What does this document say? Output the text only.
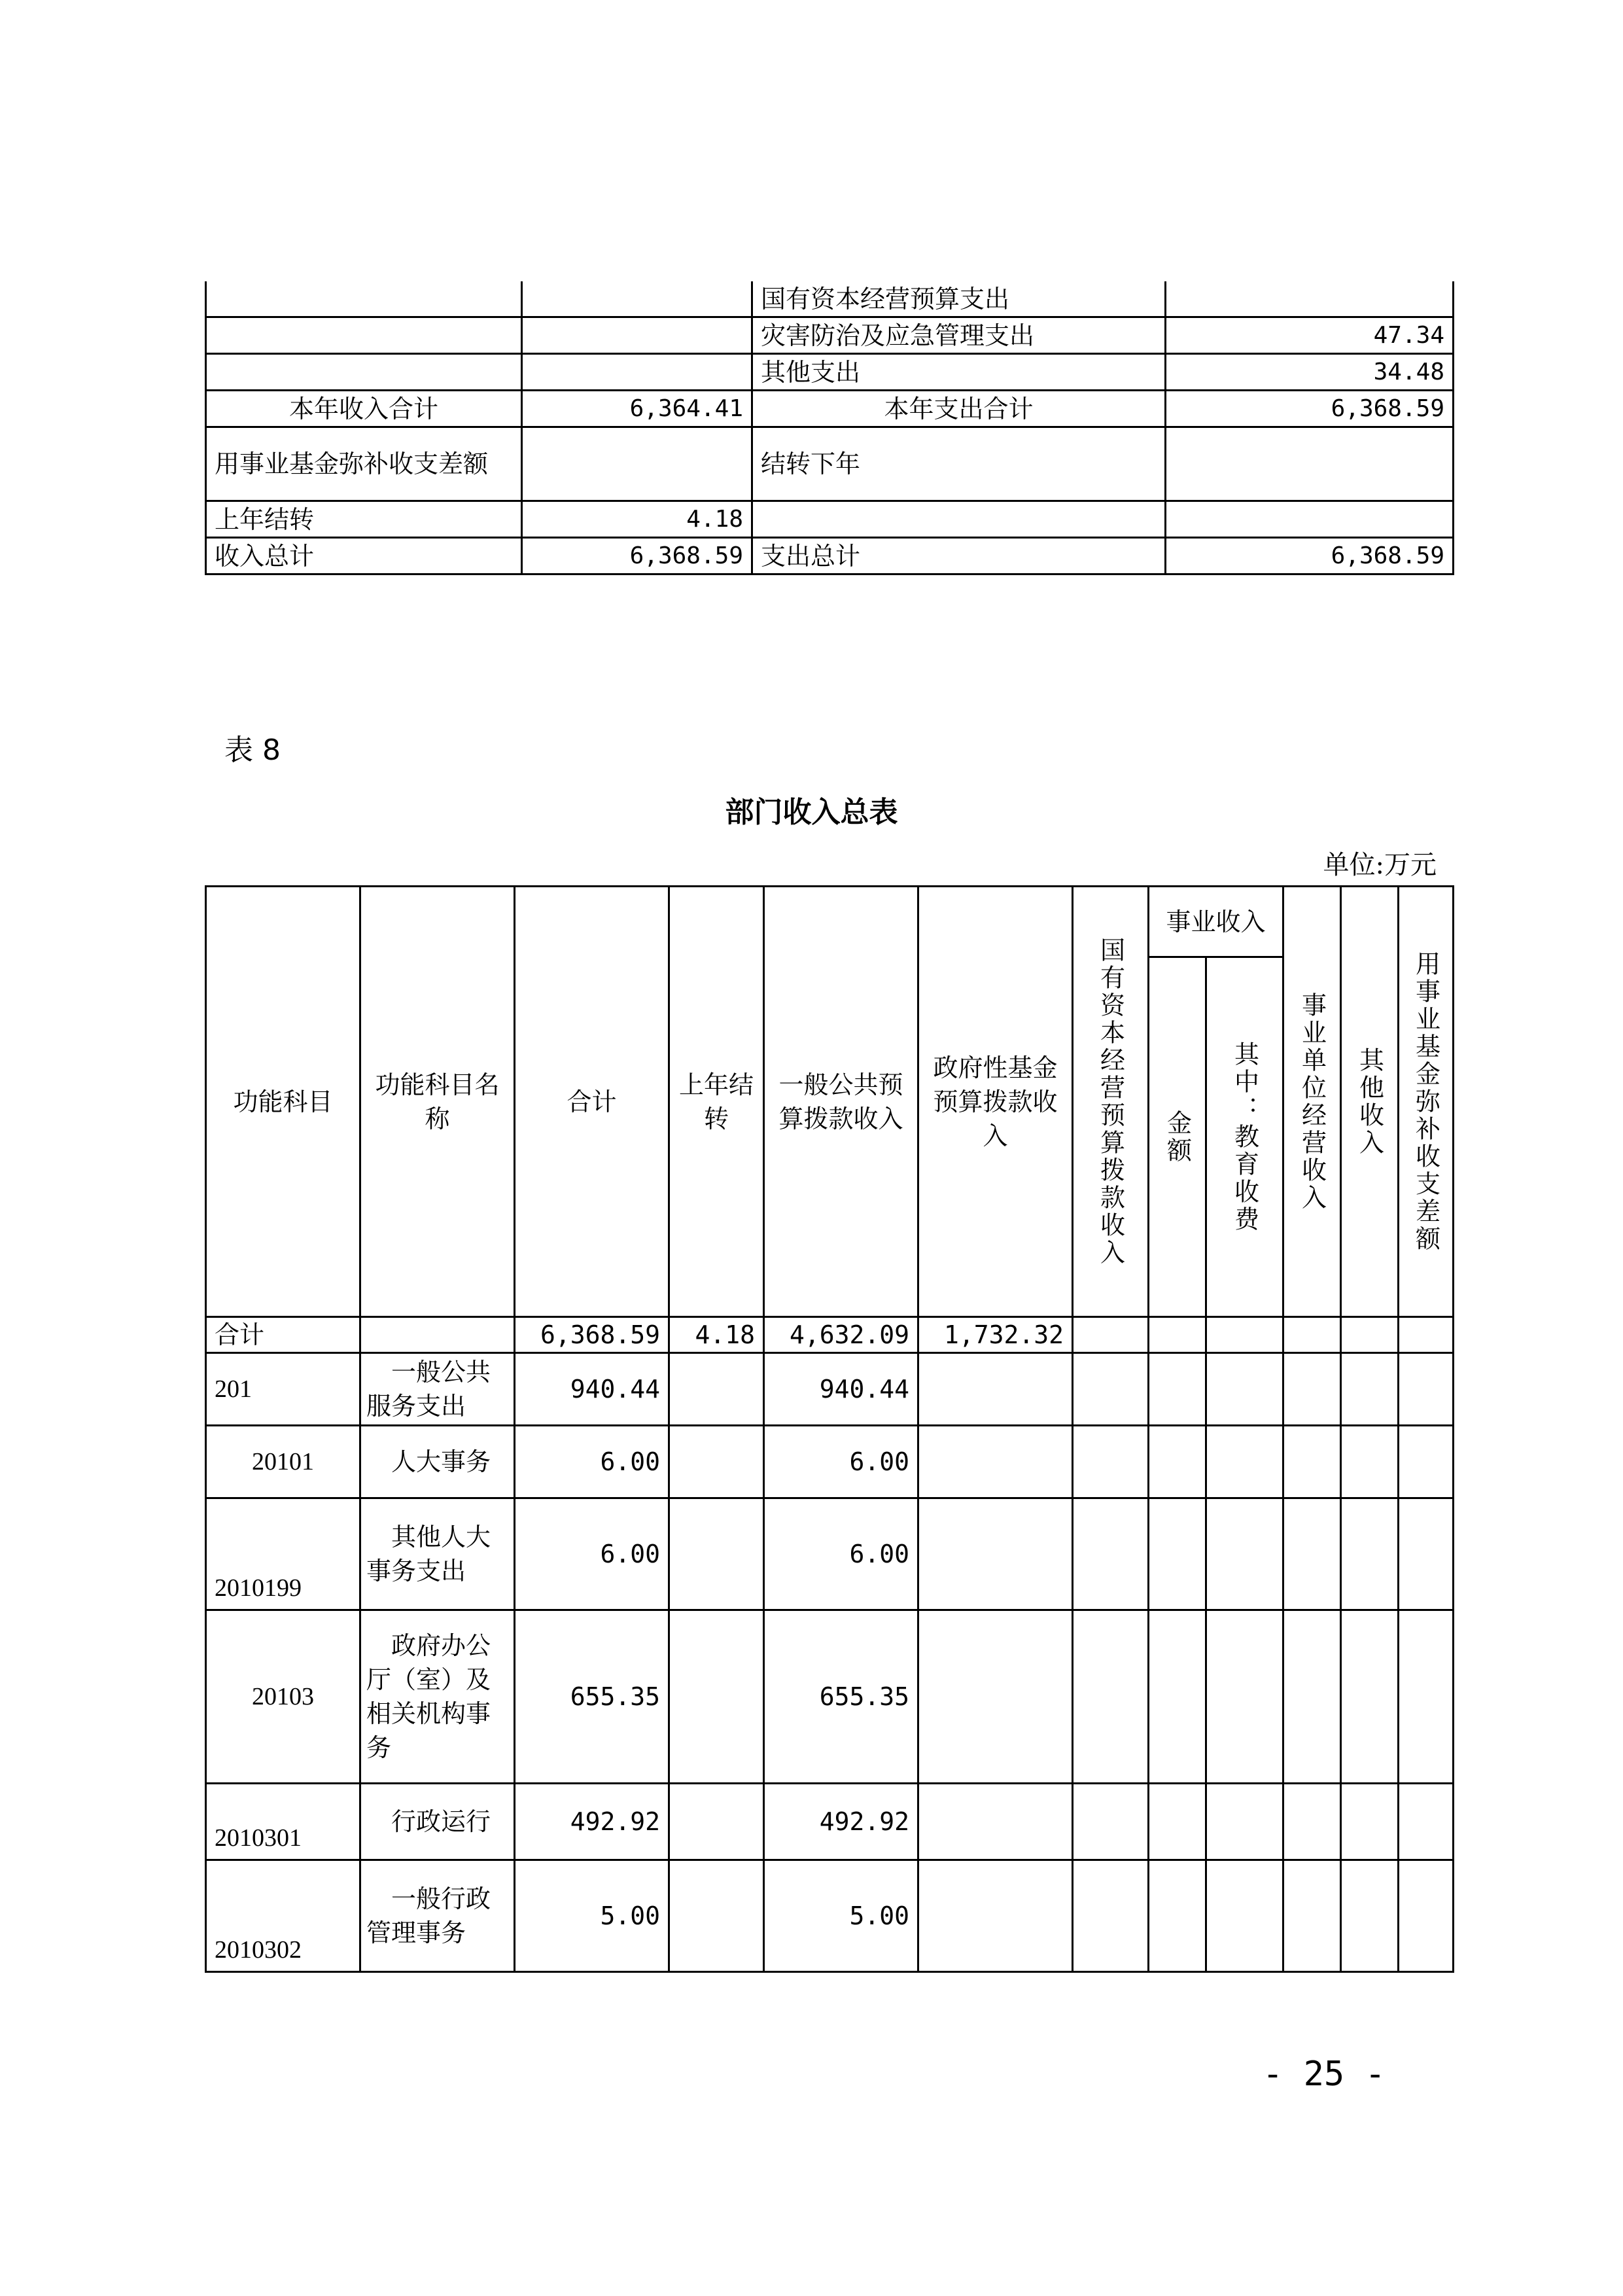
		国有资本经营预算支出	
		灾害防治及应急管理支出	47.34
		其他支出	34.48
本年收入合计	6,364.41	本年支出合计	6,368.59
用事业基金弥补收支差额		结转下年	
上年结转	4.18		
收入总计	6,368.59	支出总计	6,368.59
表 8
部门收入总表
单位:万元
功能科目	功能科目名称	合计	上年结转	一般公共预算拨款收入	政府性基金预算拨款收入	国有资本经营预算拨款收入	事业收入		事业单位经营收入	其他收入	用事业基金弥补收支差额

							金额	其中：教育收费			

合计		6,368.59	4.18	4,632.09	1,732.32						
201	一般公共服务支出	940.44		940.44							
20101	人大事务	6.00		6.00							
2010199	其他人大事务支出	6.00		6.00							
20103	政府办公厅（室）及相关机构事务	655.35		655.35							
2010301	行政运行	492.92		492.92							
2010302	一般行政管理事务	5.00		5.00							
- 25 -
